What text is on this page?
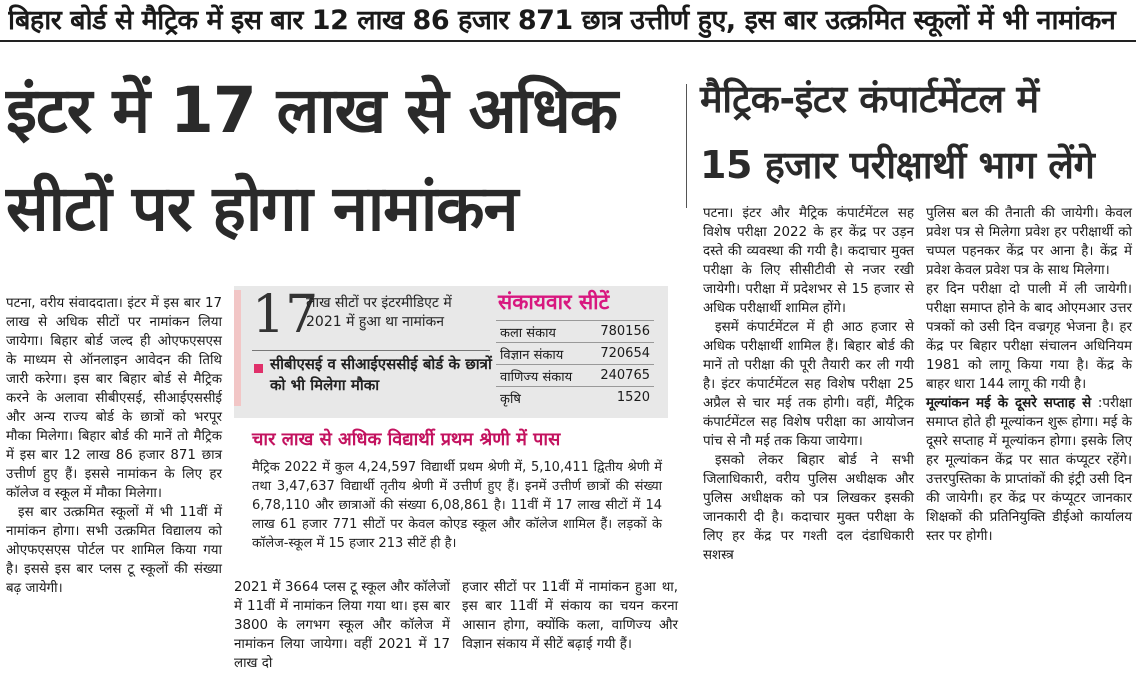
बिहार बोर्ड से मैट्रिक में इस बार 12 लाख 86 हजार 871 छात्र उत्तीर्ण हुए, इस बार उत्क्रमित स्कूलों में भी नामांकन
इंटर में 17 लाख से अधिक
सीटों पर होगा नामांकन
मैट्रिक-इंटर कंपार्टमेंटल में
15 हजार परीक्षार्थी भाग लेंगे

पटना, वरीय संवाददाता। इंटर में इस बार 17 लाख से अधिक सीटों पर नामांकन लिया जायेगा। बिहार बोर्ड जल्द ही ओएफएसएस के माध्यम से ऑनलाइन आवेदन की तिथि जारी करेगा। इस बार बिहार बोर्ड से मैट्रिक करने के अलावा सीबीएसई, सीआईएससीई और अन्य राज्य बोर्ड के छात्रों को भरपूर मौका मिलेगा। बिहार बोर्ड की मानें तो मैट्रिक में इस बार 12 लाख 86 हजार 871 छात्र उत्तीर्ण हुए हैं। इससे नामांकन के लिए हर कॉलेज व स्कूल में मौका मिलेगा।

इस बार उत्क्रमित स्कूलों में भी 11वीं में नामांकन होगा। सभी उत्क्रमित विद्यालय को ओएफएसएस पोर्टल पर शामिल किया गया है। इससे इस बार प्लस टू स्कूलों की संख्या बढ़ जायेगी।

17
लाख सीटों पर इंटरमीडिएट में 2021 में हुआ था नामांकन
सीबीएसई व सीआईएससीई बोर्ड के छात्रों को भी मिलेगा मौका
संकायवार सीटें
कला संकाय	780156
विज्ञान संकाय	720654
वाणिज्य संकाय	240765
कृषि	1520
चार लाख से अधिक विद्यार्थी प्रथम श्रेणी में पास
मैट्रिक 2022 में कुल 4,24,597 विद्यार्थी प्रथम श्रेणी में, 5,10,411 द्वितीय श्रेणी में तथा 3,47,637 विद्यार्थी तृतीय श्रेणी में उत्तीर्ण हुए हैं। इनमें उत्तीर्ण छात्रों की संख्या 6,78,110 और छात्राओं की संख्या 6,08,861 है। 11वीं में 17 लाख सीटों में 14 लाख 61 हजार 771 सीटों पर केवल कोएड स्कूल और कॉलेज शामिल हैं। लड़कों के कॉलेज-स्कूल में 15 हजार 213 सीटें ही है।

2021 में 3664 प्लस टू स्कूल और कॉलेजों में 11वीं में नामांकन लिया गया था। इस बार 3800 के लगभग स्कूल और कॉलेज में नामांकन लिया जायेगा। वहीं 2021 में 17 लाख दो

हजार सीटों पर 11वीं में नामांकन हुआ था, इस बार 11वीं में संकाय का चयन करना आसान होगा, क्योंकि कला, वाणिज्य और विज्ञान संकाय में सीटें बढ़ाई गयी हैं।

पटना। इंटर और मैट्रिक कंपार्टमेंटल सह विशेष परीक्षा 2022 के हर केंद्र पर उड़न दस्ते की व्यवस्था की गयी है। कदाचार मुक्त परीक्षा के लिए सीसीटीवी से नजर रखी जायेगी। परीक्षा में प्रदेशभर से 15 हजार से अधिक परीक्षार्थी शामिल होंगे।

इसमें कंपार्टमेंटल में ही आठ हजार से अधिक परीक्षार्थी शामिल हैं। बिहार बोर्ड की मानें तो परीक्षा की पूरी तैयारी कर ली गयी है। इंटर कंपार्टमेंटल सह विशेष परीक्षा 25 अप्रैल से चार मई तक होगी। वहीं, मैट्रिक कंपार्टमेंटल सह विशेष परीक्षा का आयोजन पांच से नौ मई तक किया जायेगा।

इसको लेकर बिहार बोर्ड ने सभी जिलाधिकारी, वरीय पुलिस अधीक्षक और पुलिस अधीक्षक को पत्र लिखकर इसकी जानकारी दी है। कदाचार मुक्त परीक्षा के लिए हर केंद्र पर गश्ती दल दंडाधिकारी सशस्त्र

पुलिस बल की तैनाती की जायेगी। केवल प्रवेश पत्र से मिलेगा प्रवेश हर परीक्षार्थी को चप्पल पहनकर केंद्र पर आना है। केंद्र में प्रवेश केवल प्रवेश पत्र के साथ मिलेगा।

हर दिन परीक्षा दो पाली में ली जायेगी। परीक्षा समाप्त होने के बाद ओएमआर उत्तर पत्रकों को उसी दिन वज्रगृह भेजना है। हर केंद्र पर बिहार परीक्षा संचालन अधिनियम 1981 को लागू किया गया है। केंद्र के बाहर धारा 144 लागू की गयी है।

मूल्यांकन मई के दूसरे सप्ताह से :परीक्षा समाप्त होते ही मूल्यांकन शुरू होगा। मई के दूसरे सप्ताह में मूल्यांकन होगा। इसके लिए हर मूल्यांकन केंद्र पर सात कंप्यूटर रहेंगे। उत्तरपुस्तिका के प्राप्तांकों की इंट्री उसी दिन की जायेगी। हर केंद्र पर कंप्यूटर जानकार शिक्षकों की प्रतिनियुक्ति डीईओ कार्यालय स्तर पर होगी।
